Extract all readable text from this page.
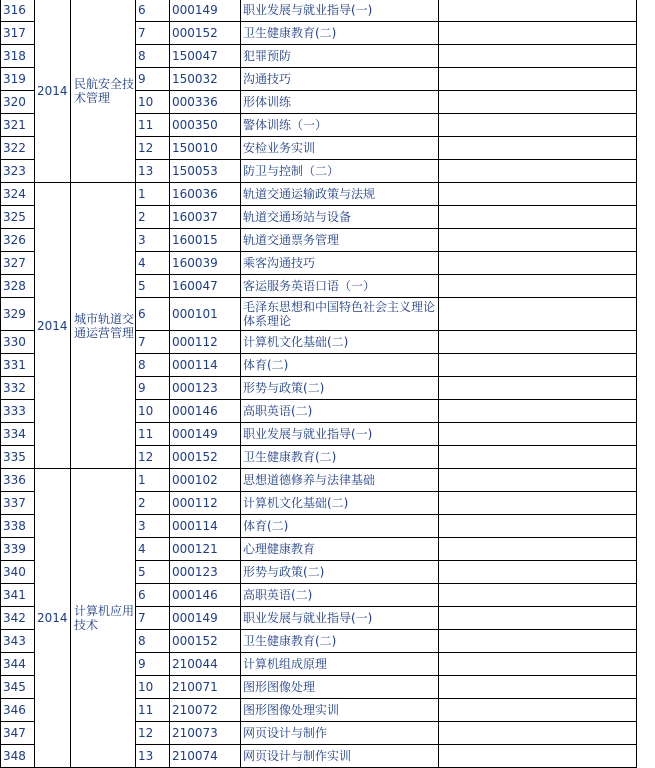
316	2014	民航安全技术管理	6	000149	职业发展与就业指导(一)	
317			7	000152	卫生健康教育(二)	
318			8	150047	犯罪预防	
319			9	150032	沟通技巧	
320			10	000336	形体训练	
321			11	000350	警体训练（一）	
322			12	150010	安检业务实训	
323			13	150053	防卫与控制（二）	
324	2014	城市轨道交通运营管理	1	160036	轨道交通运输政策与法规	
325			2	160037	轨道交通场站与设备	
326			3	160015	轨道交通票务管理	
327			4	160039	乘客沟通技巧	
328			5	160047	客运服务英语口语（一）	
329			6	000101	毛泽东思想和中国特色社会主义理论体系理论	
330			7	000112	计算机文化基础(二)	
331			8	000114	体育(二)	
332			9	000123	形势与政策(二)	
333			10	000146	高职英语(二)	
334			11	000149	职业发展与就业指导(一)	
335			12	000152	卫生健康教育(二)	
336	2014	计算机应用技术	1	000102	思想道德修养与法律基础	
337			2	000112	计算机文化基础(二)	
338			3	000114	体育(二)	
339			4	000121	心理健康教育	
340			5	000123	形势与政策(二)	
341			6	000146	高职英语(二)	
342			7	000149	职业发展与就业指导(一)	
343			8	000152	卫生健康教育(二)	
344			9	210044	计算机组成原理	
345			10	210071	图形图像处理	
346			11	210072	图形图像处理实训	
347			12	210073	网页设计与制作	
348			13	210074	网页设计与制作实训	
